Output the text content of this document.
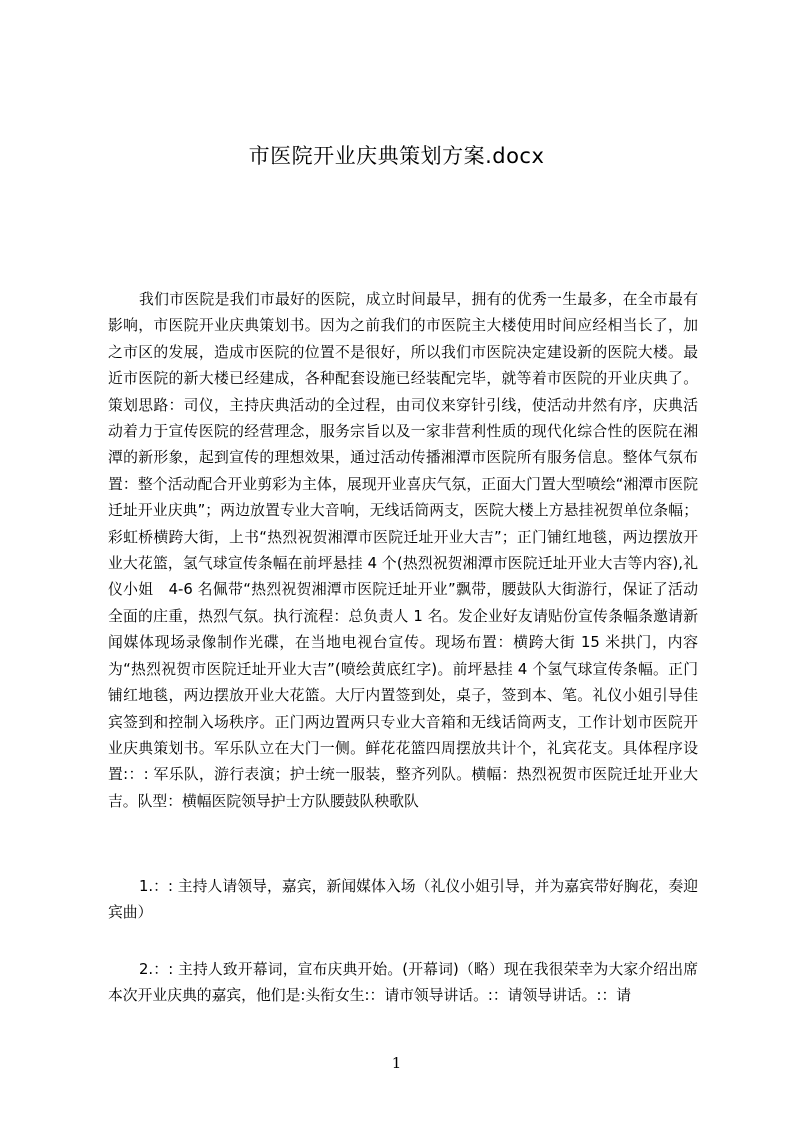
市医院开业庆典策划方案.docx

我们市医院是我们市最好的医院，成立时间最早，拥有的优秀一生最多，在全市最有影响，市医院开业庆典策划书。因为之前我们的市医院主大楼使用时间应经相当长了，加之市区的发展，造成市医院的位置不是很好，所以我们市医院决定建设新的医院大楼。最近市医院的新大楼已经建成，各种配套设施已经装配完毕，就等着市医院的开业庆典了。策划思路：司仪，主持庆典活动的全过程，由司仪来穿针引线，使活动井然有序，庆典活动着力于宣传医院的经营理念，服务宗旨以及一家非营利性质的现代化综合性的医院在湘潭的新形象，起到宣传的理想效果，通过活动传播湘潭市医院所有服务信息。整体气氛布置：整个活动配合开业剪彩为主体，展现开业喜庆气氛，正面大门置大型喷绘“湘潭市医院迁址开业庆典”；两边放置专业大音响，无线话筒两支，医院大楼上方悬挂祝贺单位条幅；彩虹桥横跨大街，上书“热烈祝贺湘潭市医院迁址开业大吉”；正门铺红地毯，两边摆放开业大花篮，氢气球宣传条幅在前坪悬挂 4 个(热烈祝贺湘潭市医院迁址开业大吉等内容),礼仪小姐　4-6 名佩带“热烈祝贺湘潭市医院迁址开业”飘带，腰鼓队大街游行，保证了活动全面的庄重，热烈气氛。执行流程：总负责人 1 名。发企业好友请贴份宣传条幅条邀请新闻媒体现场录像制作光碟，在当地电视台宣传。现场布置：横跨大街 15 米拱门，内容为“热烈祝贺市医院迁址开业大吉”(喷绘黄底红字)。前坪悬挂 4 个氢气球宣传条幅。正门铺红地毯，两边摆放开业大花篮。大厅内置签到处，桌子，签到本、笔。礼仪小姐引导佳宾签到和控制入场秩序。正门两边置两只专业大音箱和无线话筒两支，工作计划市医院开业庆典策划书。军乐队立在大门一侧。鲜花花篮四周摆放共计个，礼宾花支。具体程序设置:：: 军乐队，游行表演；护士统一服装，整齐列队。横幅：热烈祝贺市医院迁址开业大吉。队型：横幅医院领导护士方队腰鼓队秧歌队

1.：: 主持人请领导，嘉宾，新闻媒体入场（礼仪小姐引导，并为嘉宾带好胸花，奏迎宾曲）

2.：: 主持人致开幕词，宣布庆典开始。(开幕词)（略）现在我很荣幸为大家介绍出席本次开业庆典的嘉宾，他们是:头衔女生:：请市领导讲话。:：请领导讲话。:：请

1
